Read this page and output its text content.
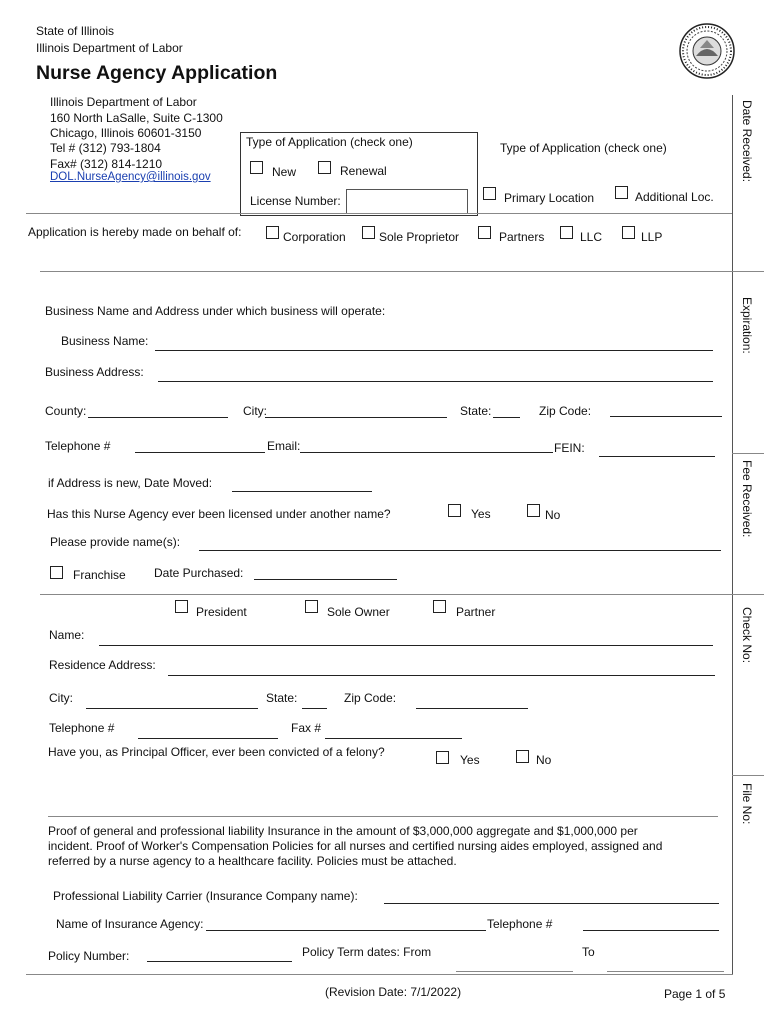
State of Illinois
Illinois Department of Labor
Nurse Agency Application
Illinois Department of Labor
160 North LaSalle, Suite C-1300
Chicago, Illinois 60601-3150
Tel # (312) 793-1804
Fax# (312) 814-1210
DOL.NurseAgency@illinois.gov
Type of Application (check one)
New	Renewal
License Number:
Type of Application (check one)
Primary Location	Additional Loc.
Application is hereby made on behalf of:	Corporation	Sole Proprietor	Partners	LLC	LLP
Business Name and Address under which business will operate:
Business Name:
Business Address:
County:	City:	State:	Zip Code:
Telephone #	Email:	FEIN:
if Address is new, Date Moved:
Has this Nurse Agency ever been licensed under another name?	Yes	No
Please provide name(s):
Franchise Date Purchased:
President	Sole Owner	Partner
Name:
Residence Address:
City:	State:	Zip Code:
Telephone #	Fax #
Have you, as Principal Officer, ever been convicted of a felony?
Yes	No
Proof of general and professional liability Insurance in the amount of $3,000,000 aggregate and $1,000,000 per
incident. Proof of Worker's Compensation Policies for all nurses and certified nursing aides employed, assigned and
referred by a nurse agency to a healthcare facility. Policies must be attached.
Professional Liability Carrier (Insurance Company name):
Name of Insurance Agency:	Telephone #
Policy Number:	Policy Term dates: From	To
Date Received:
Expiration:
Fee Received:
Check No:
File No:
(Revision Date: 7/1/2022)	Page 1 of 5
